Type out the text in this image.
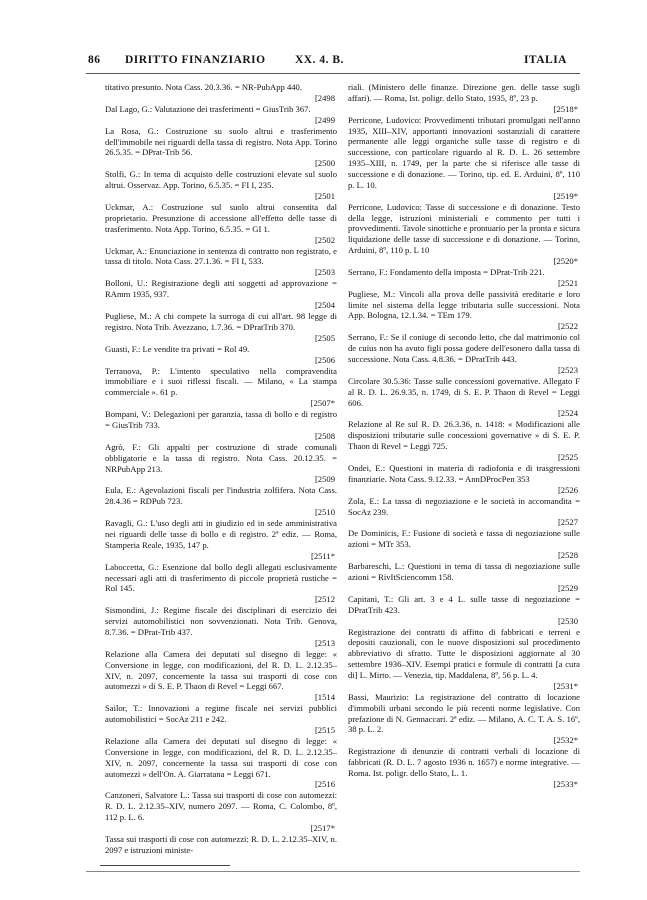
86 DIRITTO FINANZIARIO	XX. 4. B.	ITALIA
titativo presunto. Nota Cass. 20.3.36. = NR-PubApp 440.
[2498
Dal Lago, G.: Valutazione dei trasferimenti = GiusTrib 367.
[2499
La Rosa, G.: Costruzione su suolo altrui e trasferimento dell'immobile nei riguardi della tassa di registro. Nota App. Torino 26.5.35. = DPrat-Trib 56.
[2500
Stolfi, G.: In tema di acquisto delle costruzioni elevate sul suolo altrui. Osservaz. App. Torino, 6.5.35. = FI I, 235.
[2501
Uckmar, A.: Costruzione sul suolo altrui consentita dal proprietario. Presunzione di accessione all'effetto delle tasse di trasferimento. Nota App. Torino, 6.5.35. = GI 1.
[2502
Uckmar, A.: Enunciazione in sentenza di contratto non registrato, e tassa di titolo. Nota Cass. 27.1.36. = FI I, 533.
[2503
Bolloni, U.: Registrazione degli atti soggetti ad approvazione = RAmm 1935, 937.
[2504
Pugliese, M.: A chi compete la surroga di cui all'art. 98 legge di registro. Nota Trib. Avezzano, 1.7.36. = DPratTrib 370.
[2505
Guasti, F.: Le vendite tra privati = Rol 49.
[2506
Terranova, P.: L'intento speculativo nella compravendita immobiliare e i suoi riflessi fiscali. — Milano, « La stampa commerciale ». 61 p.
[2507*
Bompani, V.: Delegazioni per garanzia, tassa di bollo e di registro = GiusTrib 733.
[2508
Agrò, F.: Gli appalti per costruzione di strade comunali obbligatorie e la tassa di registro. Nota Cass. 20.12.35. = NRPubApp 213.
[2509
Eula, E.: Agevolazioni fiscali per l'industria zolfifera. Nota Cass. 28.4.36 = RDPub 723.
[2510
Ravagli, G.: L'uso degli atti in giudizio ed in sede amministrativa nei riguardi delle tasse di bollo e di registro. 2ª ediz. — Roma, Stamperia Reale, 1935, 147 p.
[2511*
Laboccetta, G.: Esenzione dal bollo degli allegati esclusivamente necessari agli atti di trasferimento di piccole proprietà rustiche = Rol 145.
[2512
Sismondini, J.: Regime fiscale dei disciplinari di esercizio dei servizi automobilistici non sovvenzionati. Nota Trib. Genova, 8.7.36. = DPrat-Trib 437.
[2513
Relazione alla Camera dei deputati sul disegno di legge: « Conversione in legge, con modificazioni, del R. D. L. 2.12.35–XIV, n. 2097, concernente la tassa sui trasporti di cose con automezzi » di S. E. P. Thaon di Revel = Leggi 667.
[1514
Sailor, T.: Innovazioni a regime fiscale nei servizi pubblici automobilistici = SocAz 211 e 242.
[2515
Relazione alla Camera dei deputati sul disegno di legge: « Conversione in legge, con modificazioni, del R. D. L. 2.12.35–XIV, n. 2097, concernente la tassa sui trasporti di cose con automezzi » dell'On. A. Giarratana = Leggi 671.
[2516
Canzoneri, Salvatore L.: Tassa sui trasporti di cose con automezzi: R. D. L. 2.12.35–XIV, numero 2097. — Roma, C. Colombo, 8º, 112 p. L. 6.
[2517*
Tassa sui trasporti di cose con automezzi: R. D. L. 2.12.35–XIV, n. 2097 e istruzioni ministe-
riali. (Ministero delle finanze. Direzione gen. delle tasse sugli affari). — Roma, Ist. poligr. dello Stato, 1935, 8º, 23 p.
[2518*
Perricone, Ludovico: Provvedimenti tributari promulgati nell'anno 1935, XIII–XIV, apportanti innovazioni sostanziali di carattere permanente alle leggi organiche sulle tasse di registro e di successione, con particolare riguardo al R. D. L. 26 settembre 1935–XIII, n. 1749, per la parte che si riferisce alle tasse di successione e di donazione. — Torino, tip. ed. E. Arduini, 8º, 110 p. L. 10.
[2519*
Perricone, Ludovico: Tasse di successione e di donazione. Testo della legge, istruzioni ministeriali e commento per tutti i provvedimenti. Tavole sinottiche e prontuario per la pronta e sicura liquidazione delle tasse di successione e di donazione. — Torino, Arduini, 8º, 110 p. L 10
[2520*
Serrano, F.: Fondamento della imposta = DPrat-Trib 221.
[2521
Pugliese, M.: Vincoli alla prova delle passività ereditarie e loro limite nel sistema della legge tributaria sulle successioni. Nota App. Bologna, 12.1.34. = TEm 179.
[2522
Serrano, F.: Se il coniuge di secondo letto, che dal matrimonio col de cuius non ha avuto figli possa godere dell'esonero dalla tassa di successione. Nota Cass. 4.8.36. = DPratTrib 443.
[2523
Circolare 30.5.36: Tasse sulle concessioni governative. Allegato F al R. D. L. 26.9.35, n. 1749, di S. E. P. Thaon di Revel = Leggi 606.
[2524
Relazione al Re sul R. D. 26.3.36, n. 1418: « Modificazioni alle disposizioni tributarie sulle concessioni governative » di S. E. P. Thaon di Revel = Leggi 725.
[2525
Ondei, E.: Questioni in materia di radiofonia e di trasgressioni finanziarie. Nota Cass. 9.12.33. = AnnDProcPen 353
[2526
Zola, E.: La tassa di negoziazione e le società in accomandita = SocAz 239.
[2527
De Dominicis, F.: Fusione di società e tassa di negoziazione sulle azioni = MTr 353.
[2528
Barbareschi, L.: Questioni in tema di tassa di negoziazione sulle azioni = RivItSciencomm 158.
[2529
Capitani, T.: Gli art. 3 e 4 L. sulle tasse di negoziazione = DPratTrib 423.
[2530
Registrazione dei contratti di affitto di fabbricati e terreni e depositi cauzionali, con le nuove disposizioni sul procedimento abbreviativo di sfratto. Tutte le disposizioni aggiornate al 30 settembre 1936–XIV. Esempi pratici e formule di contratti [a cura di] L. Mirto. — Venezia, tip. Maddalena, 8º, 56 p. L. 4.
[2531*
Bassi, Maurizio: La registrazione del contratto di locazione d'immobili urbani secondo le più recenti norme legislative. Con prefazione di N. Gennaccari. 2ª ediz. — Milano, A. C. T. A. S. 16º, 38 p. L. 2.
[2532*
Registrazione di denunzie di contratti verbali di locazione di fabbricati (R. D. L. 7 agosto 1936 n. 1657) e norme integrative. — Roma. Ist. poligr. dello Stato, L. 1.
[2533*
